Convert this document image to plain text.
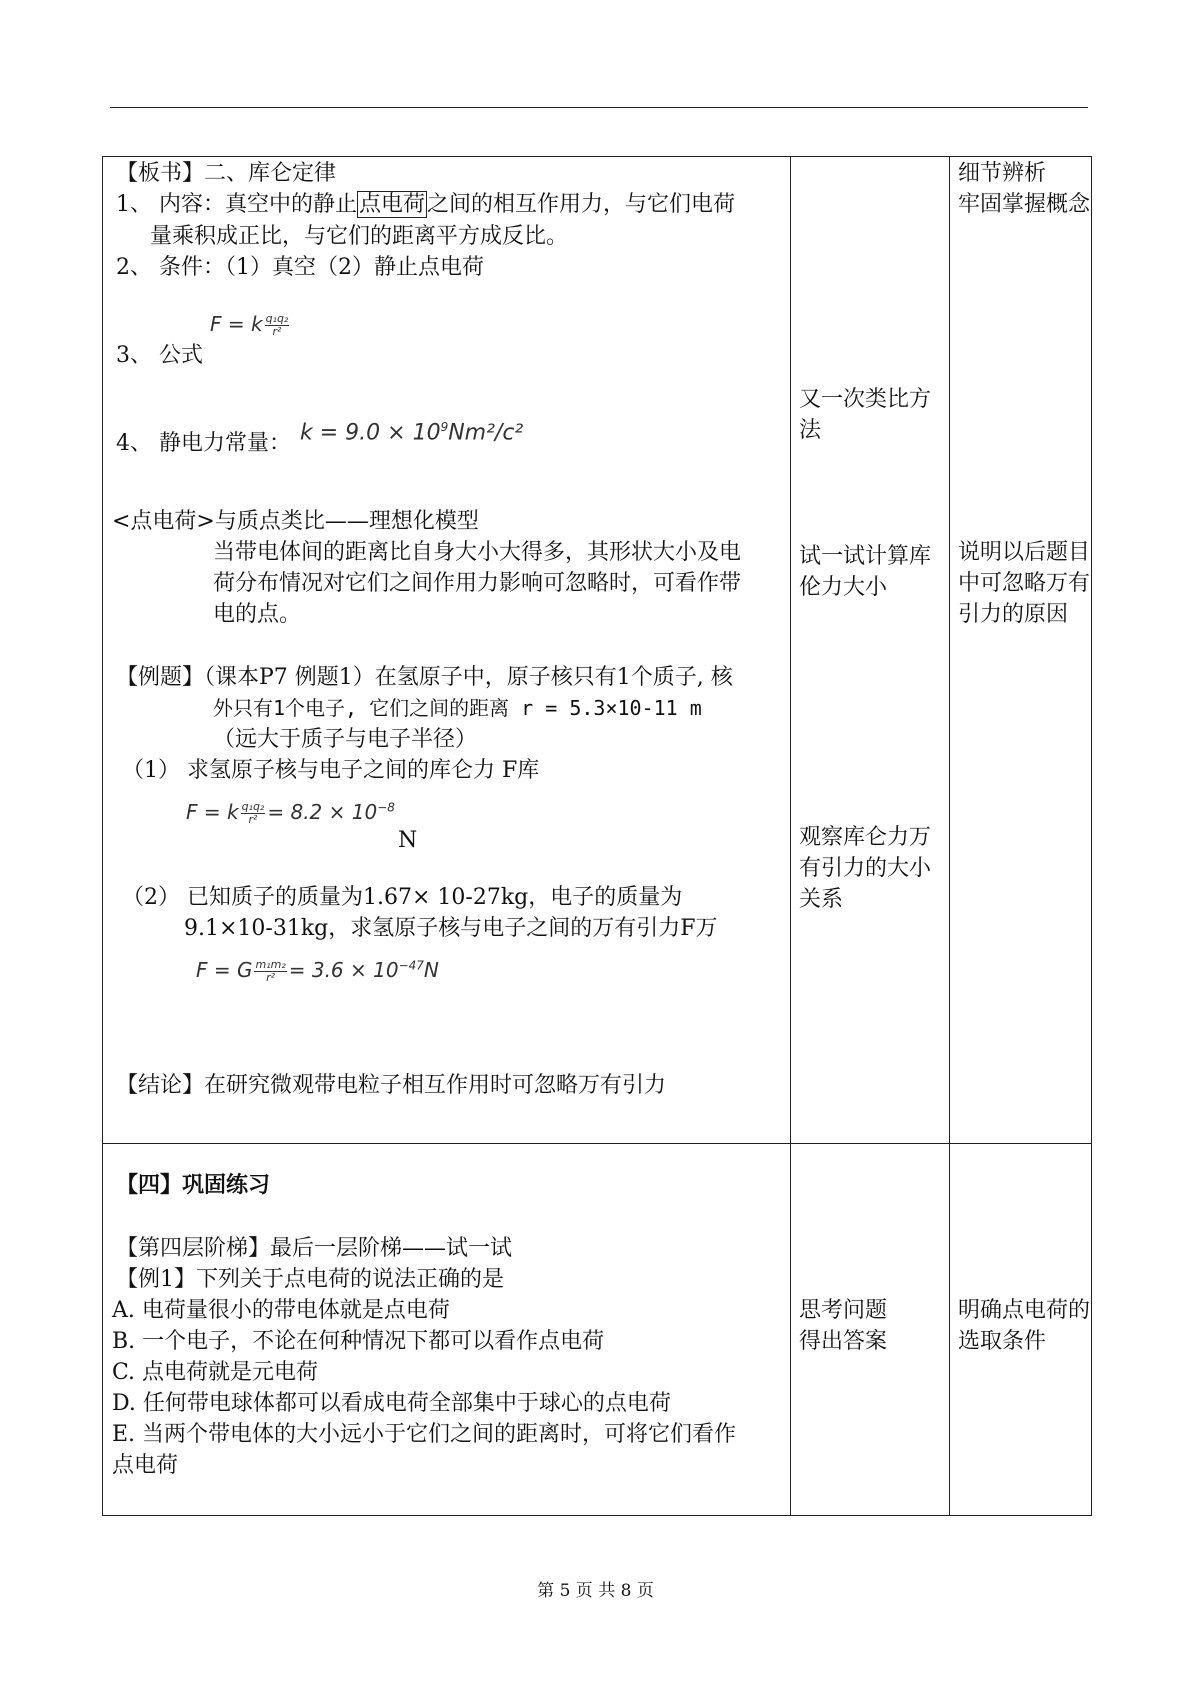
【板书】二、库仑定律
1、 内容：真空中的静止点电荷之间的相互作用力，与它们电荷
量乘积成正比，与它们的距离平方成反比。
2、 条件：（1）真空（2）静止点电荷
F = k $\frac{\text{q₁q₂}}{\text{r²}}$
3、 公式
4、 静电力常量： $k = 9.0 \times 10^9Nm^2/c^2$
<点电荷>与质点类比——理想化模型
当带电体间的距离比自身大小大得多，其形状大小及电
荷分布情况对它们之间作用力影响可忽略时，可看作带
电的点。
【例题】（课本P7 例题1）在氢原子中，原子核只有1个质子, 核
外只有1个电子, 它们之间的距离 r = 5.3×10-11 m
（远大于质子与电子半径）
（1） 求氢原子核与电子之间的库仑力 F库
F = k $\frac{\text{q₁q₂}}{\text{r²}} = 8.2 \times 10^{-8}$
N
（2） 已知质子的质量为1.67× 10-27kg，电子的质量为
9.1×10-31kg，求氢原子核与电子之间的万有引力F万
F = G $\frac{\text{m₁m₂}}{\text{r²}} = 3.6 \times 10^{-47}N$
【结论】在研究微观带电粒子相互作用时可忽略万有引力
【四】巩固练习
【第四层阶梯】最后一层阶梯——试一试
【例1】下列关于点电荷的说法正确的是
A. 电荷量很小的带电体就是点电荷
B. 一个电子，不论在何种情况下都可以看作点电荷
C. 点电荷就是元电荷
D. 任何带电球体都可以看成电荷全部集中于球心的点电荷
E. 当两个带电体的大小远小于它们之间的距离时，可将它们看作
点电荷
又一次类比方
法
试一试计算库
伦力大小
观察库仑力万
有引力的大小
关系
思考问题
得出答案
细节辨析
牢固掌握概念
说明以后题目
中可忽略万有
引力的原因
明确点电荷的
选取条件
第 5 页 共 8 页
